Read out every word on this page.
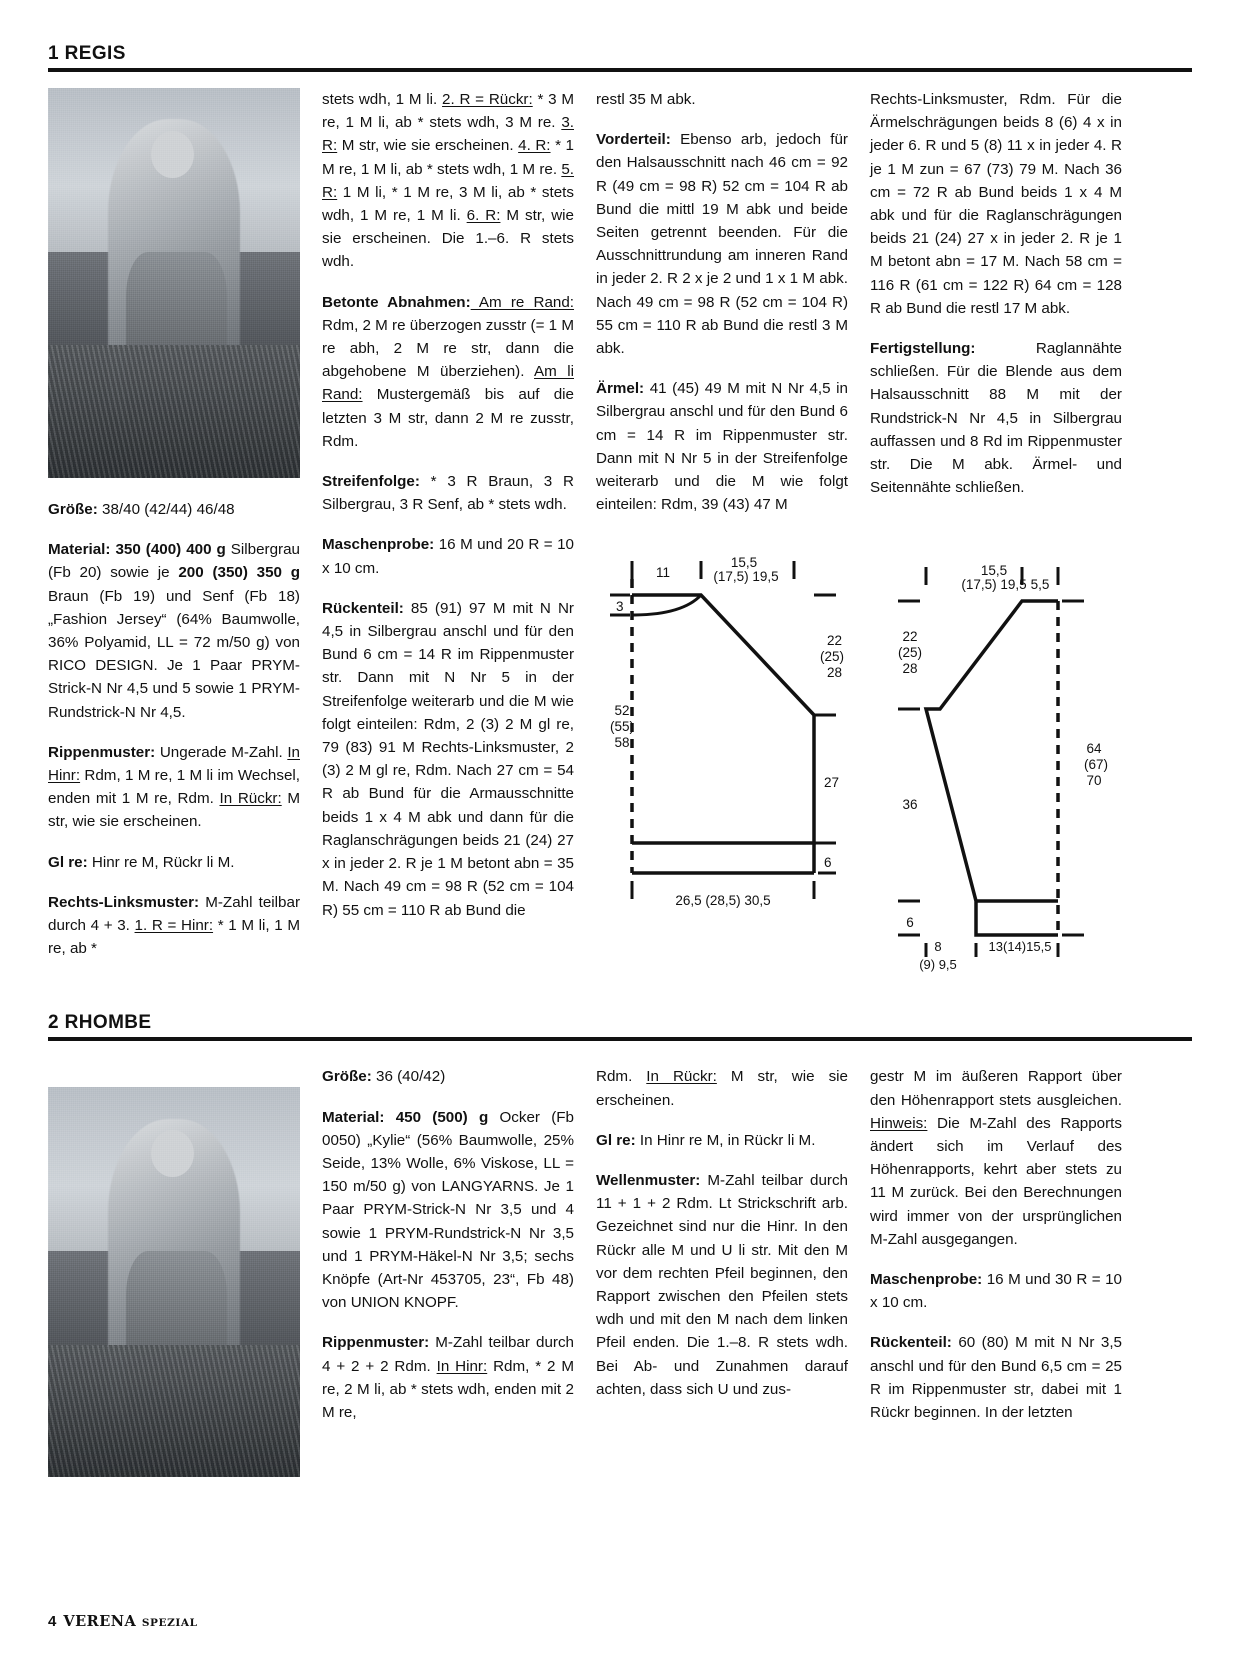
1 REGIS

Größe: 38/40 (42/44) 46/48

Material: 350 (400) 400 g Silbergrau (Fb 20) sowie je 200 (350) 350 g Braun (Fb 19) und Senf (Fb 18) „Fashion Jersey“ (64% Baumwolle, 36% Polyamid, LL = 72 m/50 g) von RICO DESIGN. Je 1 Paar PRYM-Strick-N Nr 4,5 und 5 sowie 1 PRYM-Rundstrick-N Nr 4,5.

Rippenmuster: Ungerade M-Zahl. In Hinr: Rdm, 1 M re, 1 M li im Wechsel, enden mit 1 M re, Rdm. In Rückr: M str, wie sie erscheinen.

Gl re: Hinr re M, Rückr li M.

Rechts-Linksmuster: M-Zahl teilbar durch 4 + 3. 1. R = Hinr: * 1 M li, 1 M re, ab *

stets wdh, 1 M li. 2. R = Rückr: * 3 M re, 1 M li, ab * stets wdh, 3 M re. 3. R: M str, wie sie erscheinen. 4. R: * 1 M re, 1 M li, ab * stets wdh, 1 M re. 5. R: 1 M li, * 1 M re, 3 M li, ab * stets wdh, 1 M re, 1 M li. 6. R: M str, wie sie erscheinen. Die 1.–6. R stets wdh.

Betonte Abnahmen: Am re Rand: Rdm, 2 M re überzogen zusstr (= 1 M re abh, 2 M re str, dann die abgehobene M überziehen). Am li Rand: Mustergemäß bis auf die letzten 3 M str, dann 2 M re zusstr, Rdm.

Streifenfolge: * 3 R Braun, 3 R Silbergrau, 3 R Senf, ab * stets wdh.

Maschenprobe: 16 M und 20 R = 10 x 10 cm.

Rückenteil: 85 (91) 97 M mit N Nr 4,5 in Silbergrau anschl und für den Bund 6 cm = 14 R im Rippenmuster str. Dann mit N Nr 5 in der Streifenfolge weiterarb und die M wie folgt einteilen: Rdm, 2 (3) 2 M gl re, 79 (83) 91 M Rechts-Linksmuster, 2 (3) 2 M gl re, Rdm. Nach 27 cm = 54 R ab Bund für die Armausschnitte beids 1 x 4 M abk und dann für die Raglanschrägungen beids 21 (24) 27 x in jeder 2. R je 1 M betont abn = 35 M. Nach 49 cm = 98 R (52 cm = 104 R) 55 cm = 110 R ab Bund die

restl 35 M abk.

Vorderteil: Ebenso arb, jedoch für den Halsausschnitt nach 46 cm = 92 R (49 cm = 98 R) 52 cm = 104 R ab Bund die mittl 19 M abk und beide Seiten getrennt beenden. Für die Ausschnittrundung am inneren Rand in jeder 2. R 2 x je 2 und 1 x 1 M abk. Nach 49 cm = 98 R (52 cm = 104 R) 55 cm = 110 R ab Bund die restl 3 M abk.

Ärmel: 41 (45) 49 M mit N Nr 4,5 in Silbergrau anschl und für den Bund 6 cm = 14 R im Rippenmuster str. Dann mit N Nr 5 in der Streifenfolge weiterarb und die M wie folgt einteilen: Rdm, 39 (43) 47 M

11
15,5
(17,5) 19,5
3
22
(25)
28
52
(55)
58
27
6
26,5 (28,5) 30,5

Rechts-Linksmuster, Rdm. Für die Ärmelschrägungen beids 8 (6) 4 x in jeder 6. R und 5 (8) 11 x in jeder 4. R je 1 M zun = 67 (73) 79 M. Nach 36 cm = 72 R ab Bund beids 1 x 4 M abk und für die Raglanschrägungen beids 21 (24) 27 x in jeder 2. R je 1 M betont abn = 17 M. Nach 58 cm = 116 R (61 cm = 122 R) 64 cm = 128 R ab Bund die restl 17 M abk.

Fertigstellung: Raglannähte schließen. Für die Blende aus dem Halsausschnitt 88 M mit der Rundstrick-N Nr 4,5 in Silbergrau auffassen und 8 Rd im Rippenmuster str. Die M abk. Ärmel- und Seitennähte schließen.

15,5
(17,5) 19,5 5,5
22
(25)
28
36
64
(67)
70
6
8	13(14)15,5
(9) 9,5
2 RHOMBE

Größe: 36 (40/42)

Material: 450 (500) g Ocker (Fb 0050) „Kylie“ (56% Baumwolle, 25% Seide, 13% Wolle, 6% Viskose, LL = 150 m/50 g) von LANGYARNS. Je 1 Paar PRYM-Strick-N Nr 3,5 und 4 sowie 1 PRYM-Rundstrick-N Nr 3,5 und 1 PRYM-Häkel-N Nr 3,5; sechs Knöpfe (Art-Nr 453705, 23“, Fb 48) von UNION KNOPF.

Rippenmuster: M-Zahl teilbar durch 4 + 2 + 2 Rdm. In Hinr: Rdm, * 2 M re, 2 M li, ab * stets wdh, enden mit 2 M re,

Rdm. In Rückr: M str, wie sie erscheinen.

Gl re: In Hinr re M, in Rückr li M.

Wellenmuster: M-Zahl teilbar durch 11 + 1 + 2 Rdm. Lt Strickschrift arb. Gezeichnet sind nur die Hinr. In den Rückr alle M und U li str. Mit den M vor dem rechten Pfeil beginnen, den Rapport zwischen den Pfeilen stets wdh und mit den M nach dem linken Pfeil enden. Die 1.–8. R stets wdh. Bei Ab- und Zunahmen darauf achten, dass sich U und zus-

gestr M im äußeren Rapport über den Höhenrapport stets ausgleichen. Hinweis: Die M-Zahl des Rapports ändert sich im Verlauf des Höhenrapports, kehrt aber stets zu 11 M zurück. Bei den Berechnungen wird immer von der ursprünglichen M-Zahl ausgegangen.

Maschenprobe: 16 M und 30 R = 10 x 10 cm.

Rückenteil: 60 (80) M mit N Nr 3,5 anschl und für den Bund 6,5 cm = 25 R im Rippenmuster str, dabei mit 1 Rückr beginnen. In der letzten

4 VERENA SPEZIAL
